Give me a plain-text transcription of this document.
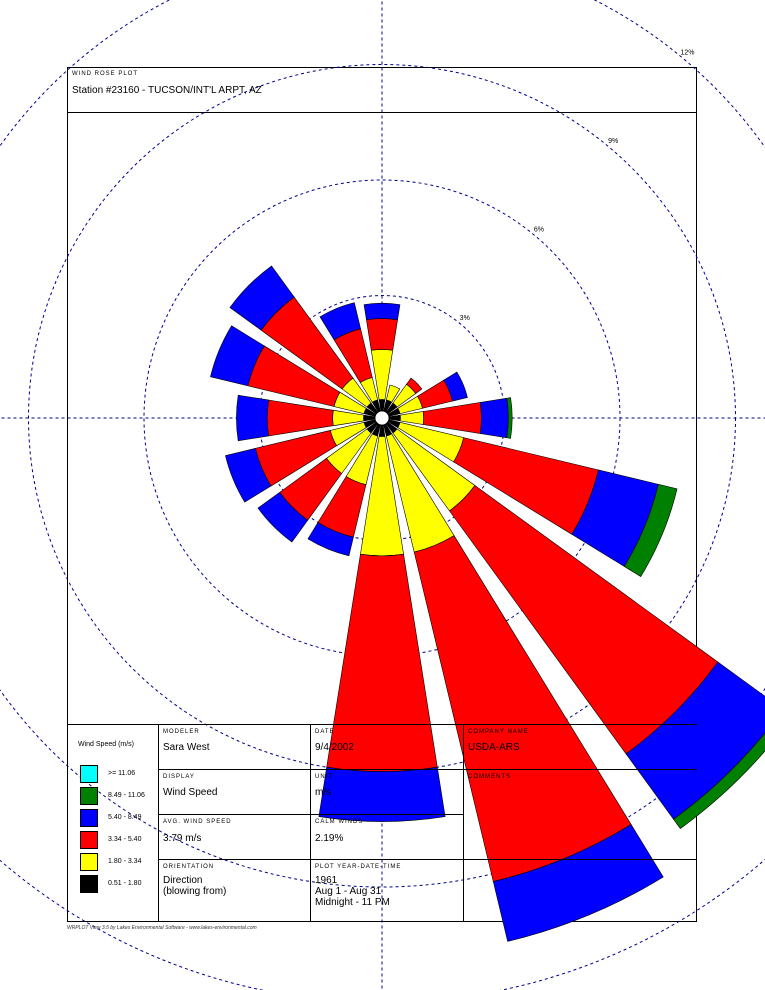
WIND ROSE PLOT
Station #23160 - TUCSON/INT'L ARPT, AZ
3%
6%
9%
12%
MODELER
Sara West
DATE
9/4/2002
COMPANY NAME
USDA-ARS
DISPLAY
Wind Speed
UNIT
m/s
COMMENTS
AVG. WIND SPEED
3.79 m/s
CALM WINDS
2.19%
ORIENTATION
Direction
(blowing from)
PLOT YEAR-DATE-TIME
1961
Aug 1 - Aug 31
Midnight - 11 PM
Wind Speed (m/s)
>= 11.06
8.49 - 11.06
5.40 - 8.49
3.34 - 5.40
1.80 - 3.34
0.51 - 1.80
WRPLOT View 3.5 by Lakes Environmental Software - www.lakes-environmental.com
